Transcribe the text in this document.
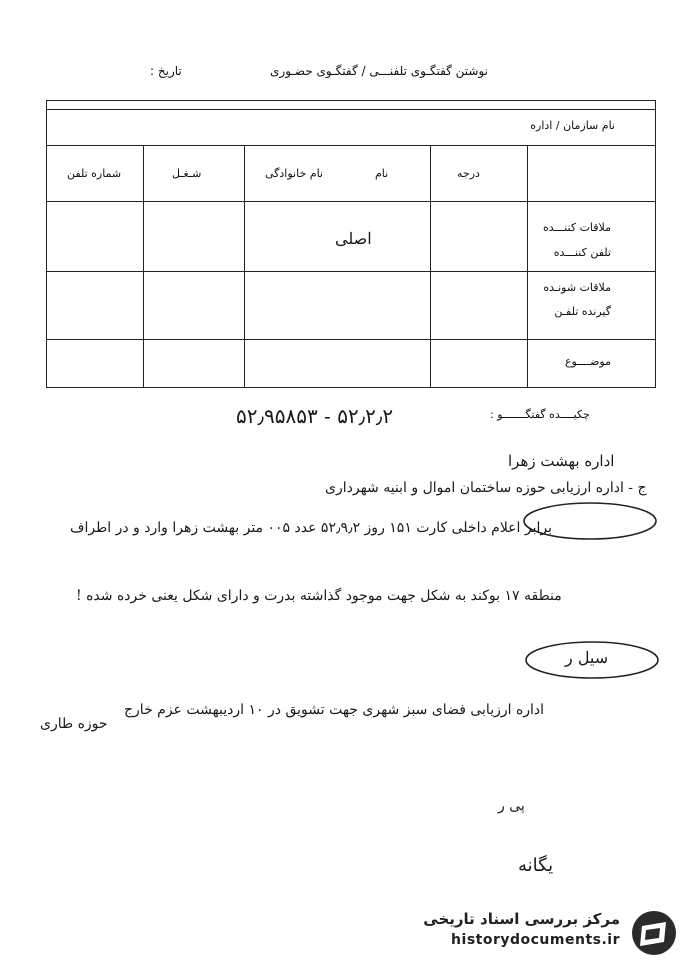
نوشتن گفتگـوی تلفنـــی / گفتگـوی حضـوری
تاریخ :
نام سازمان / اداره
درجه
نام
نام خانوادگی
شـغـل
شماره تلفن
ملاقات کننـــده
تلفن کننـــده
اصلی
ملاقات شونـده
گیرنده تلفـن
موضــــوع
چکیــــده گفتگـــــــو :
۵۲٫۲٫۲ - ۵۲٫۹۵۸۵۳
اداره بهشت زهرا
ج - اداره ارزیابی حوزه ساختمان اموال و ابنیه شهرداری
برابر اعلام داخلی کارت ۱۵۱ روز ۵۲٫۹٫۲ عدد ۰۰۵ متر بهشت زهرا وارد و در اطراف
منطقه ۱۷ بوکند به شکل جهت موجود گذاشته بدرت و دارای شکل یعنی خرده شده !
سیل ر
اداره ارزیابی فضای سبز شهری جهت تشویق در ۱۰ اردیبهشت عزم خارج
حوزه طاری
پی ر
یگانه
مرکز بررسی اسناد تاریخی
historydocuments.ir
